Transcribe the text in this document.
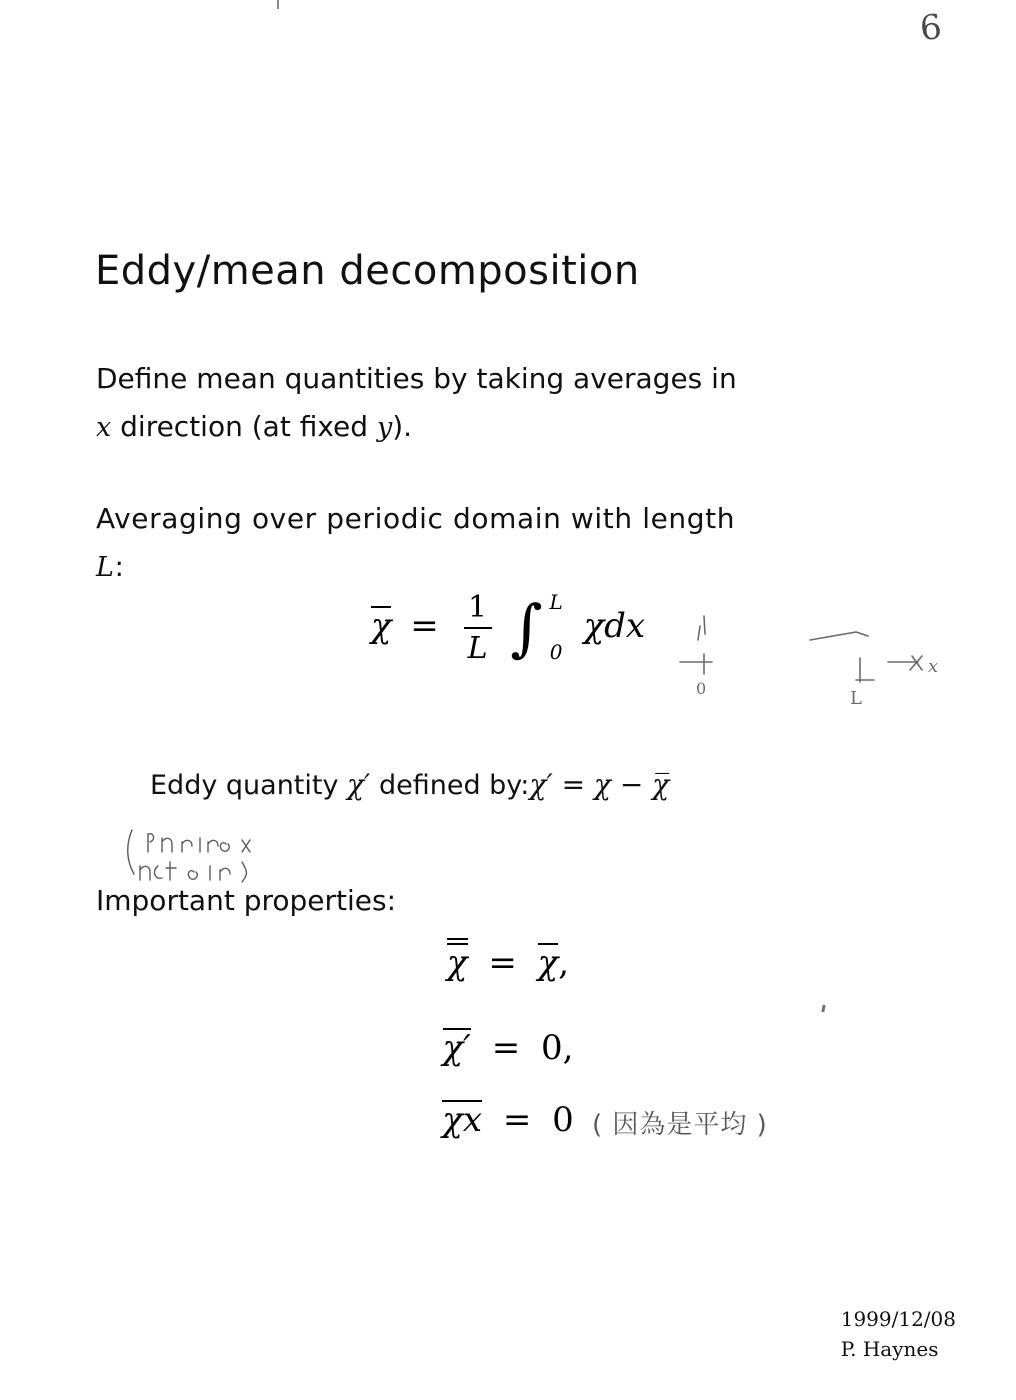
6
Eddy/mean decomposition
Define mean quantities by taking averages in
x direction (at fixed y).
Averaging over periodic domain with length
L:
$\chi = \frac{1}{L}$ ∫ L
0
χdx
0	L
x
Eddy quantity χ′ defined by:χ′ = χ − χ̅
Important properties:
χ = χ,
χ′ = 0,
χx = 0 ( 因為是平均 )
1999/12/08
P. Haynes
